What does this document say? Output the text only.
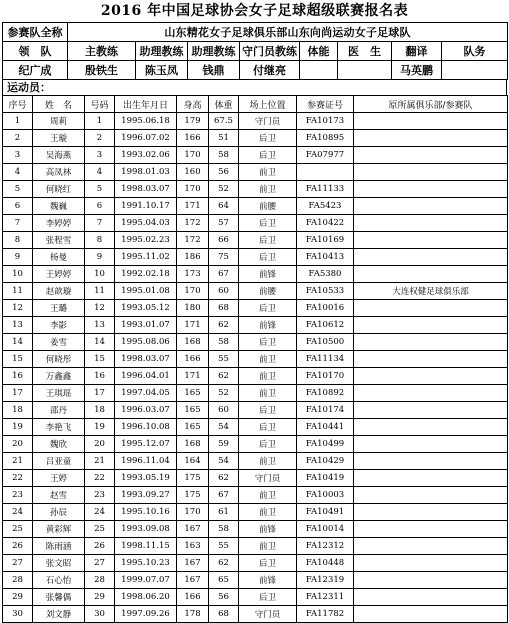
2016 年中国足球协会女子足球超级联赛报名表
参赛队全称	山东精花女子足球俱乐部山东向尚运动女子足球队							
领　队	主教练	助理教练	助理教练	守门员教练	体能	医　生	翻译	队务
纪广成	殷铁生	陈玉凤	钱鼎	付继亮			马英鹏	
运动员：
序号	姓　名	号码	出生年月日	身高	体重	场上位置	参赛证号	原所属俱乐部/参赛队
1	周莉	1	1995.06.18	179	67.5	守门员	FA10173	
2	王璇	2	1996.07.02	166	51	后卫	FA10895	
3	吴海燕	3	1993.02.06	170	58	后卫	FA07977	
4	高凤林	4	1998.01.03	160	56	前卫		
5	何晓红	5	1998.03.07	170	52	前卫	FA11133	
6	魏巍	6	1991.10.17	171	64	前腰	FA5423	
7	李婷婷	7	1995.04.03	172	57	后卫	FA10422	
8	张程雪	8	1995.02.23	172	66	后卫	FA10169	
9	杨曼	9	1995.11.02	186	75	后卫	FA10413	
10	王婷婷	10	1992.02.18	173	67	前锋	FA5380	
11	赵歆璇	11	1995.01.08	170	60	前腰	FA10533	大连权健足球俱乐部
12	王璐	12	1993.05.12	180	68	后卫	FA10016	
13	李影	13	1993.01.07	171	62	前锋	FA10612	
14	姜雪	14	1995.08.06	168	58	后卫	FA10500	
15	何晓彤	15	1998.03.07	166	55	前卫	FA11134	
16	万鑫鑫	16	1996.04.01	171	62	前卫	FA10170	
17	王琪瑶	17	1997.04.05	165	52	前卫	FA10892	
18	邵丹	18	1996.03.07	165	60	后卫	FA10174	
19	李艳飞	19	1996.10.08	165	54	后卫	FA10441	
20	魏欣	20	1995.12.07	168	59	后卫	FA10499	
21	吕亚童	21	1996.11.04	164	54	前卫	FA10429	
22	王婷	22	1993.05.19	175	62	守门员	FA10419	
23	赵雪	23	1993.09.27	175	67	前卫	FA10003	
24	孙辰	24	1995.10.16	170	61	前卫	FA10491	
25	黄彩辉	25	1993.09.08	167	58	前锋	FA10014	
26	陈雨涵	26	1998.11.15	163	55	前卫	FA12312	
27	张文昭	27	1995.10.23	167	62	后卫	FA10448	
28	石心怡	28	1999.07.07	167	65	前锋	FA12319	
29	张馨偶	29	1998.06.20	166	56	后卫	FA12311	
30	刘文静	30	1997.09.26	178	68	守门员	FA11782	
